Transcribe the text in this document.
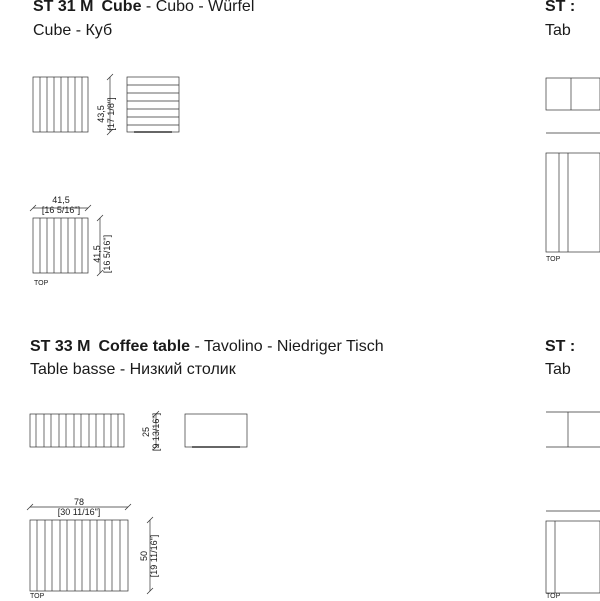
ST 31 M Cube - Cubo - Würfel
Cube - Куб
43,5 [17 1/8"]
41,5
[16 5/16"]
41,5 [16 5/16"]
TOP
ST 33 M Coffee table - Tavolino - Niedriger Tisch
Table basse - Низкий столик
25 [9 13/16"]
78
[30 11/16"]
50 [19 11/16"]
TOP
ST :
Tab
TOP
ST :
Tab
TOP
